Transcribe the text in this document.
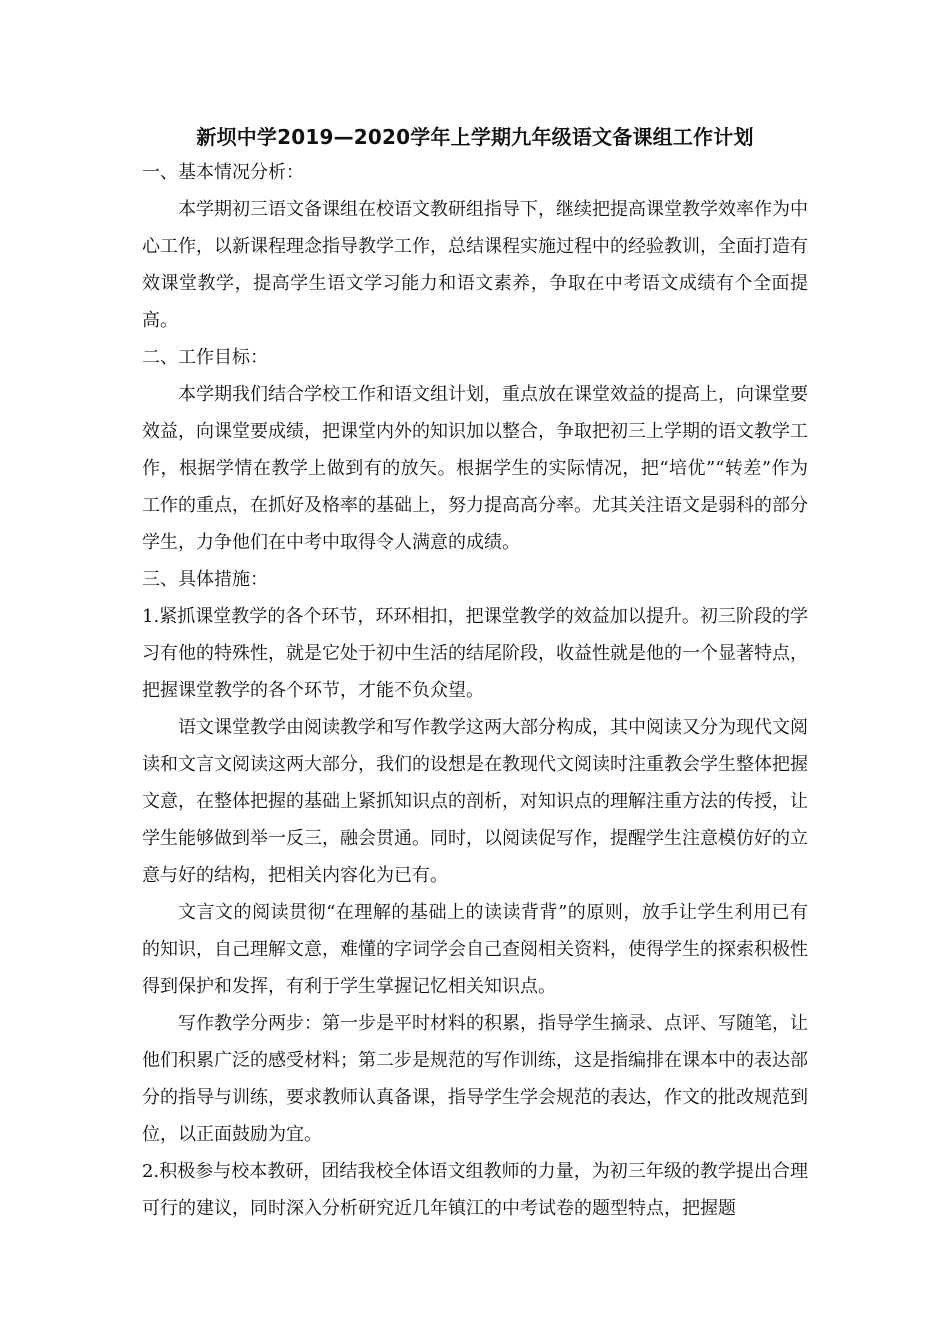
新坝中学2019—2020学年上学期九年级语文备课组工作计划

一、基本情况分析：

本学期初三语文备课组在校语文教研组指导下，继续把提高课堂教学效率作为中心工作，以新课程理念指导教学工作，总结课程实施过程中的经验教训，全面打造有效课堂教学，提高学生语文学习能力和语文素养，争取在中考语文成绩有个全面提高。

二、工作目标：

本学期我们结合学校工作和语文组计划，重点放在课堂效益的提高上，向课堂要效益，向课堂要成绩，把课堂内外的知识加以整合，争取把初三上学期的语文教学工作，根据学情在教学上做到有的放矢。根据学生的实际情况，把“培优”“转差”作为工作的重点，在抓好及格率的基础上，努力提高高分率。尤其关注语文是弱科的部分学生，力争他们在中考中取得令人满意的成绩。

三、具体措施：

1.紧抓课堂教学的各个环节，环环相扣，把课堂教学的效益加以提升。初三阶段的学习有他的特殊性，就是它处于初中生活的结尾阶段，收益性就是他的一个显著特点，把握课堂教学的各个环节，才能不负众望。

语文课堂教学由阅读教学和写作教学这两大部分构成，其中阅读又分为现代文阅读和文言文阅读这两大部分，我们的设想是在教现代文阅读时注重教会学生整体把握文意，在整体把握的基础上紧抓知识点的剖析，对知识点的理解注重方法的传授，让学生能够做到举一反三，融会贯通。同时，以阅读促写作，提醒学生注意模仿好的立意与好的结构，把相关内容化为已有。

文言文的阅读贯彻“在理解的基础上的读读背背”的原则，放手让学生利用已有的知识，自己理解文意，难懂的字词学会自己查阅相关资料，使得学生的探索积极性得到保护和发挥，有利于学生掌握记忆相关知识点。

写作教学分两步：第一步是平时材料的积累，指导学生摘录、点评、写随笔，让他们积累广泛的感受材料；第二步是规范的写作训练，这是指编排在课本中的表达部分的指导与训练，要求教师认真备课，指导学生学会规范的表达，作文的批改规范到位，以正面鼓励为宜。

2.积极参与校本教研，团结我校全体语文组教师的力量，为初三年级的教学提出合理可行的建议，同时深入分析研究近几年镇江的中考试卷的题型特点，把握题
